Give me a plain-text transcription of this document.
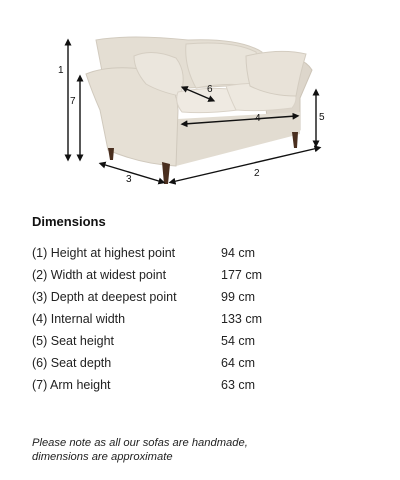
1
7
5
2
3
4
6
Dimensions
(1) Height at highest point	94 cm
(2) Width at widest point	177 cm
(3) Depth at deepest point	99 cm
(4) Internal width	133 cm
(5) Seat height	54 cm
(6) Seat depth	64 cm
(7) Arm height	63 cm
Please note as all our sofas are handmade,
dimensions are approximate
